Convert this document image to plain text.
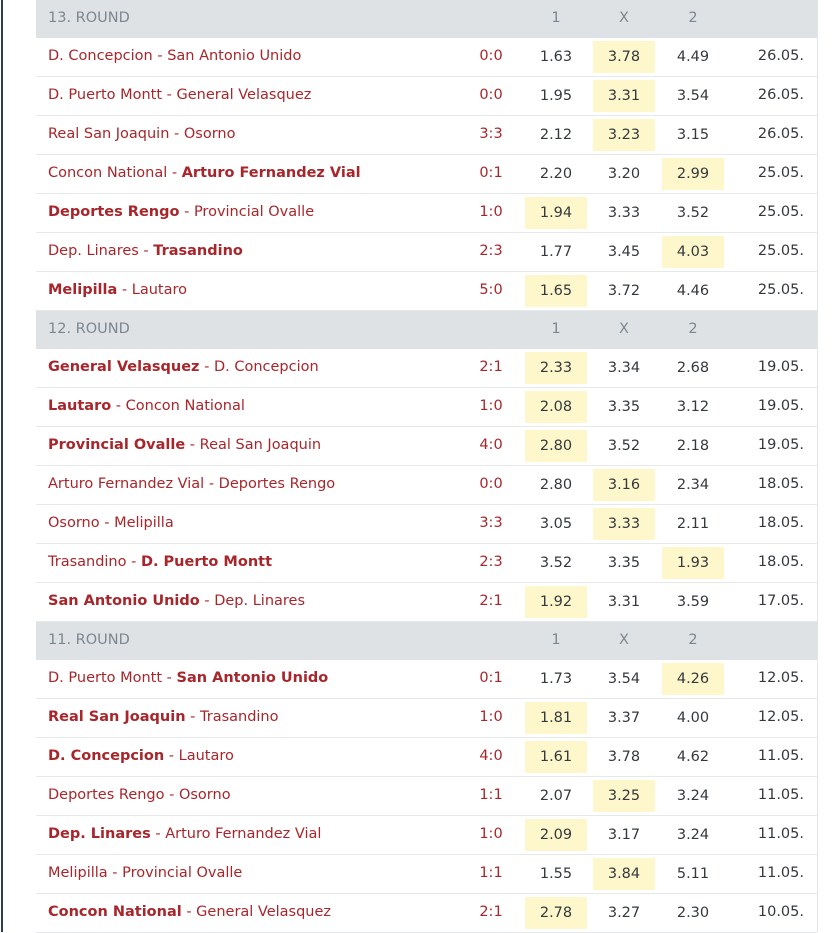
13. ROUND	1	X	2
D. Concepcion - San Antonio Unido	0:0	1.63	3.78	4.49	26.05.
D. Puerto Montt - General Velasquez	0:0	1.95	3.31	3.54	26.05.
Real San Joaquin - Osorno	3:3	2.12	3.23	3.15	26.05.
Concon National - Arturo Fernandez Vial	0:1	2.20	3.20	2.99	25.05.
Deportes Rengo - Provincial Ovalle	1:0	1.94	3.33	3.52	25.05.
Dep. Linares - Trasandino	2:3	1.77	3.45	4.03	25.05.
Melipilla - Lautaro	5:0	1.65	3.72	4.46	25.05.
12. ROUND	1	X	2
General Velasquez - D. Concepcion	2:1	2.33	3.34	2.68	19.05.
Lautaro - Concon National	1:0	2.08	3.35	3.12	19.05.
Provincial Ovalle - Real San Joaquin	4:0	2.80	3.52	2.18	19.05.
Arturo Fernandez Vial - Deportes Rengo	0:0	2.80	3.16	2.34	18.05.
Osorno - Melipilla	3:3	3.05	3.33	2.11	18.05.
Trasandino - D. Puerto Montt	2:3	3.52	3.35	1.93	18.05.
San Antonio Unido - Dep. Linares	2:1	1.92	3.31	3.59	17.05.
11. ROUND	1	X	2
D. Puerto Montt - San Antonio Unido	0:1	1.73	3.54	4.26	12.05.
Real San Joaquin - Trasandino	1:0	1.81	3.37	4.00	12.05.
D. Concepcion - Lautaro	4:0	1.61	3.78	4.62	11.05.
Deportes Rengo - Osorno	1:1	2.07	3.25	3.24	11.05.
Dep. Linares - Arturo Fernandez Vial	1:0	2.09	3.17	3.24	11.05.
Melipilla - Provincial Ovalle	1:1	1.55	3.84	5.11	11.05.
Concon National - General Velasquez	2:1	2.78	3.27	2.30	10.05.
